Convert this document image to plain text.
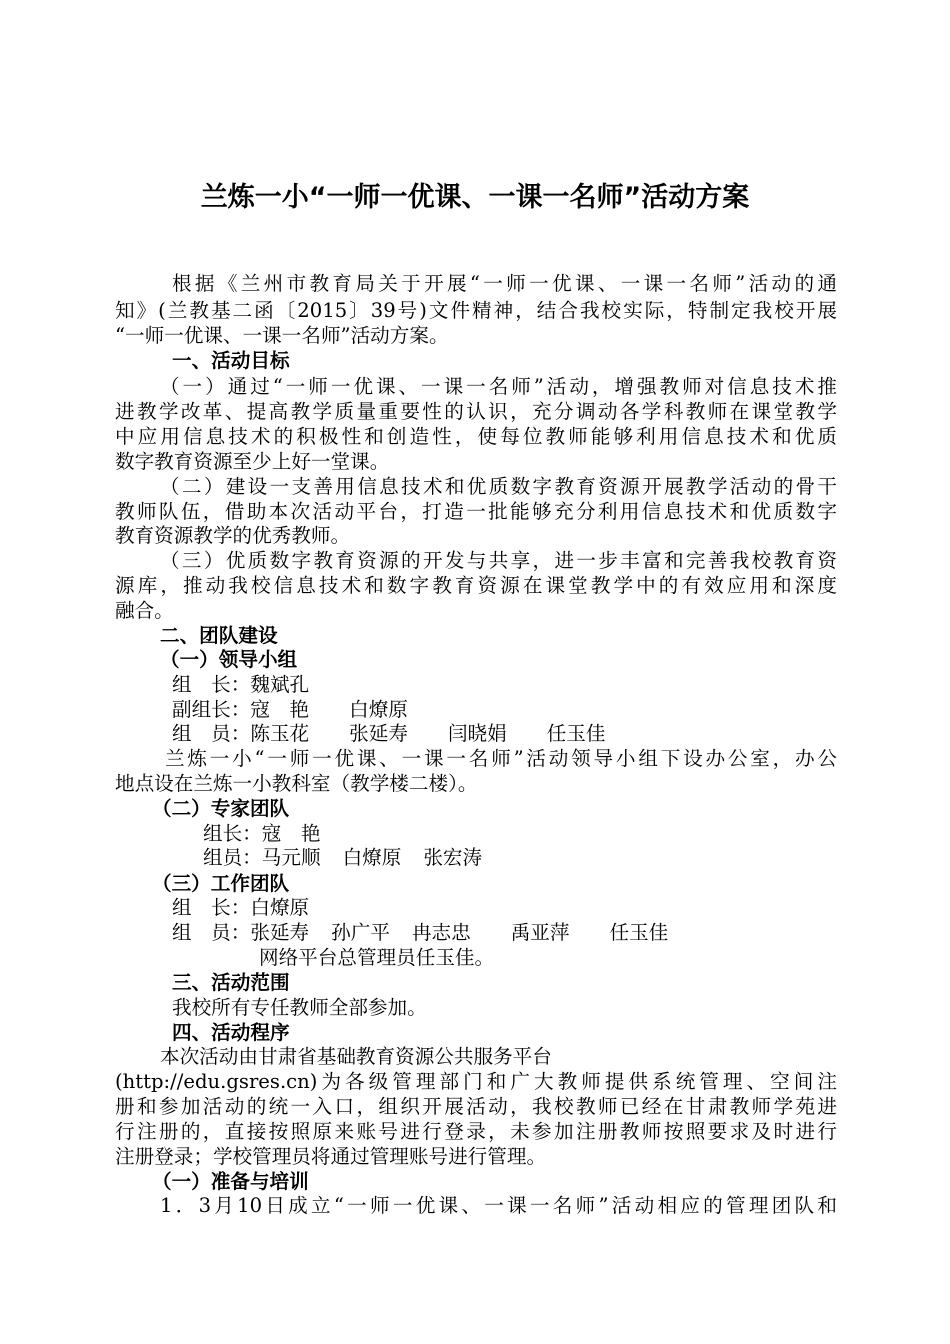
兰炼一小“一师一优课、一课一名师”活动方案
根据《兰州市教育局关于开展“一师一优课、一课一名师”活动的通
知》(兰教基二函〔2015〕39号)文件精神，结合我校实际，特制定我校开展
“一师一优课、一课一名师”活动方案。
一、活动目标
（一）通过“一师一优课、一课一名师”活动，增强教师对信息技术推
进教学改革、提高教学质量重要性的认识，充分调动各学科教师在课堂教学
中应用信息技术的积极性和创造性，使每位教师能够利用信息技术和优质
数字教育资源至少上好一堂课。
（二）建设一支善用信息技术和优质数字教育资源开展教学活动的骨干
教师队伍，借助本次活动平台，打造一批能够充分利用信息技术和优质数字
教育资源教学的优秀教师。
（三）优质数字教育资源的开发与共享，进一步丰富和完善我校教育资
源库，推动我校信息技术和数字教育资源在课堂教学中的有效应用和深度
融合。
二、团队建设
（一）领导小组
组　长：魏斌孔
副组长：寇　艳 白燎原
组　员：陈玉花 张延寿 闫晓娟 任玉佳
兰炼一小“一师一优课、一课一名师”活动领导小组下设办公室，办公
地点设在兰炼一小教科室（教学楼二楼）。
（二）专家团队
组长：寇　艳
组员：马元顺 白燎原 张宏涛
（三）工作团队
组　长：白燎原
组　员：张延寿 孙广平 冉志忠 禹亚萍 任玉佳
网络平台总管理员任玉佳。
三、活动范围
我校所有专任教师全部参加。
四、活动程序
本次活动由甘肃省基础教育资源公共服务平台
(http://edu.gsres.cn)为各级管理部门和广大教师提供系统管理、空间注
册和参加活动的统一入口，组织开展活动，我校教师已经在甘肃教师学苑进
行注册的，直接按照原来账号进行登录，未参加注册教师按照要求及时进行
注册登录；学校管理员将通过管理账号进行管理。
（一）准备与培训
1．3月10日成立“一师一优课、一课一名师”活动相应的管理团队和
